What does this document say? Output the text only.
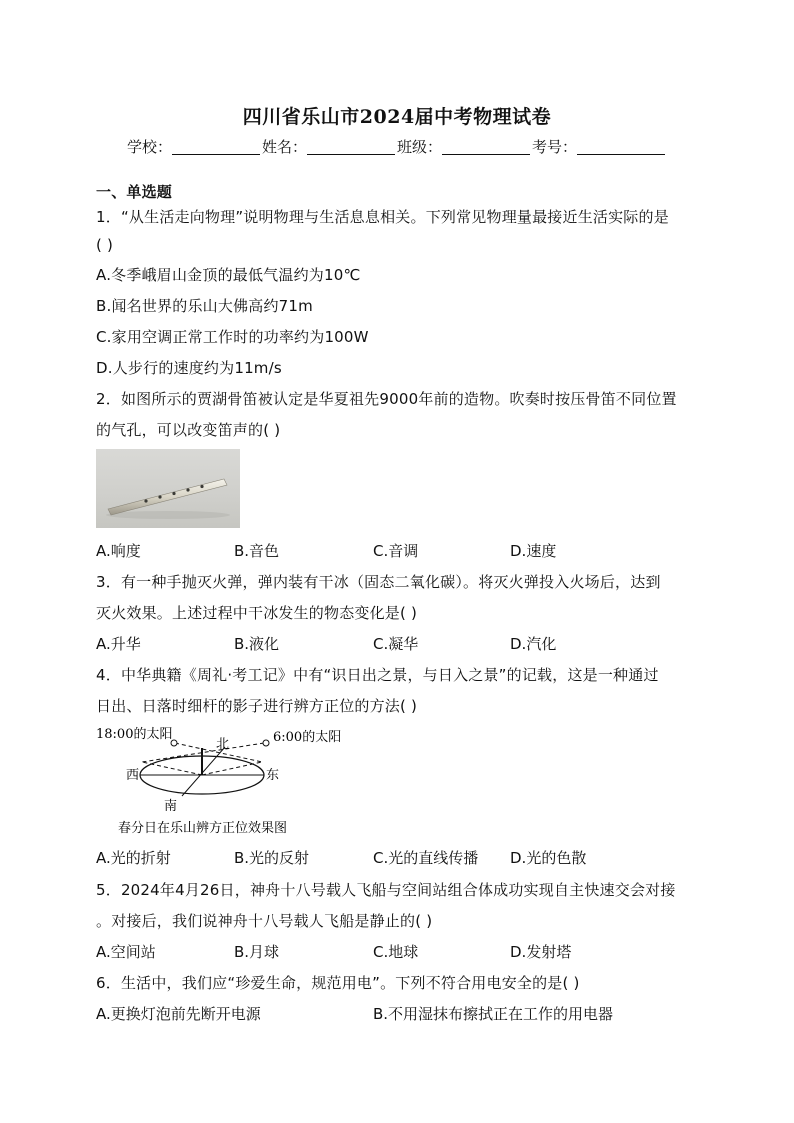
四川省乐山市2024届中考物理试卷
学校：	姓名：	班级：	考号：
一、单选题
1．“从生活走向物理”说明物理与生活息息相关。下列常见物理量最接近生活实际的是
( )
A.冬季峨眉山金顶的最低气温约为10℃
B.闻名世界的乐山大佛高约71m
C.家用空调正常工作时的功率约为100W
D.人步行的速度约为11m/s
2．如图所示的贾湖骨笛被认定是华夏祖先9000年前的造物。吹奏时按压骨笛不同位置
的气孔，可以改变笛声的( )
A.响度	B.音色	C.音调	D.速度
3．有一种手抛灭火弹，弹内装有干冰（固态二氧化碳）。将灭火弹投入火场后，达到
灭火效果。上述过程中干冰发生的物态变化是( )
A.升华	B.液化	C.凝华	D.汽化
4．中华典籍《周礼·考工记》中有“识日出之景，与日入之景”的记载，这是一种通过
日出、日落时细杆的影子进行辨方正位的方法( )
18:00的太阳	6:00的太阳
北
西	东
南
春分日在乐山辨方正位效果图
A.光的折射	B.光的反射	C.光的直线传播 D.光的色散
5．2024年4月26日，神舟十八号载人飞船与空间站组合体成功实现自主快速交会对接
。对接后，我们说神舟十八号载人飞船是静止的( )
A.空间站	B.月球	C.地球	D.发射塔
6．生活中，我们应“珍爱生命，规范用电”。下列不符合用电安全的是( )
A.更换灯泡前先断开电源	B.不用湿抹布擦拭正在工作的用电器
